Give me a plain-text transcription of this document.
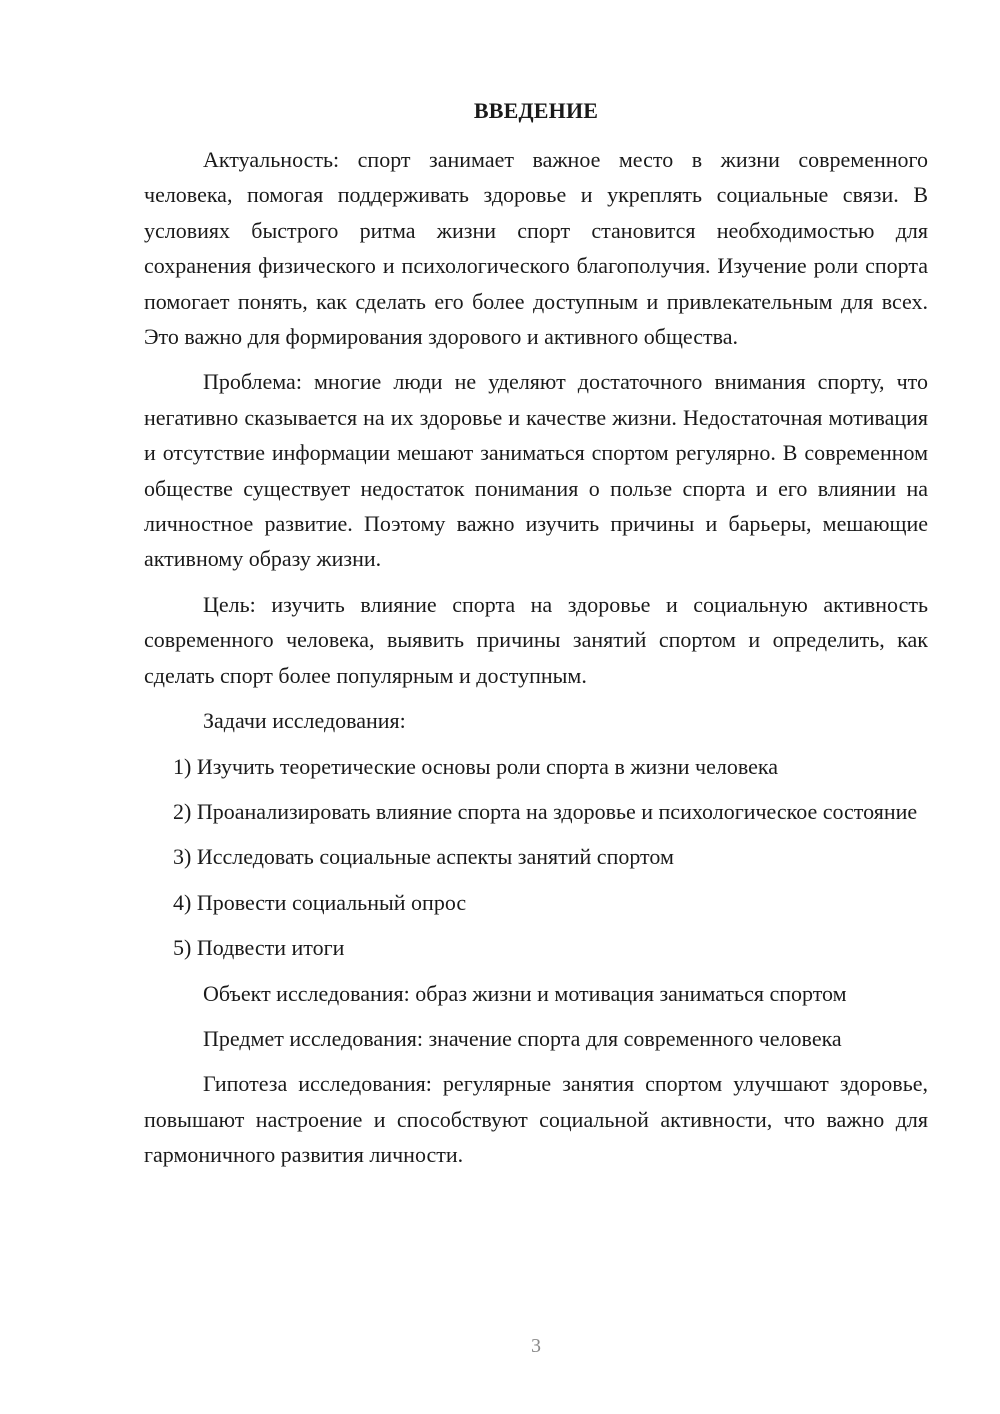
ВВЕДЕНИЕ

Актуальность: спорт занимает важное место в жизни современного человека, помогая поддерживать здоровье и укреплять социальные связи. В условиях быстрого ритма жизни спорт становится необходимостью для сохранения физического и психологического благополучия. Изучение роли спорта помогает понять, как сделать его более доступным и привлекательным для всех. Это важно для формирования здорового и активного общества.

Проблема: многие люди не уделяют достаточного внимания спорту, что негативно сказывается на их здоровье и качестве жизни. Недостаточная мотивация и отсутствие информации мешают заниматься спортом регулярно. В современном обществе существует недостаток понимания о пользе спорта и его влиянии на личностное развитие. Поэтому важно изучить причины и барьеры, мешающие активному образу жизни.

Цель: изучить влияние спорта на здоровье и социальную активность современного человека, выявить причины занятий спортом и определить, как сделать спорт более популярным и доступным.

Задачи исследования:

1) Изучить теоретические основы роли спорта в жизни человека

2) Проанализировать влияние спорта на здоровье и психологическое состояние

3) Исследовать социальные аспекты занятий спортом

4) Провести социальный опрос

5) Подвести итоги

Объект исследования: образ жизни и мотивация заниматься спортом

Предмет исследования: значение спорта для современного человека

Гипотеза исследования: регулярные занятия спортом улучшают здоровье, повышают настроение и способствуют социальной активности, что важно для гармоничного развития личности.

3
